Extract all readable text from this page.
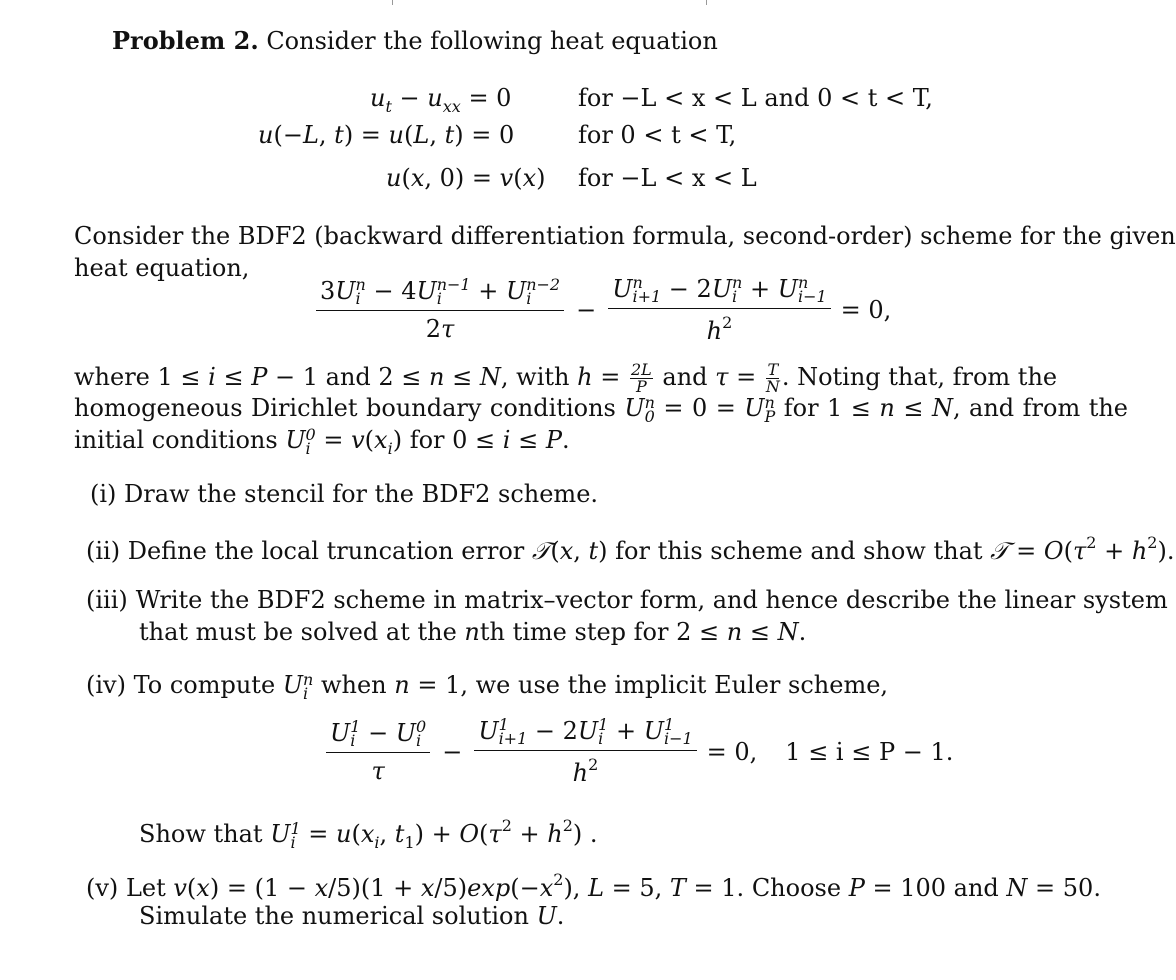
Problem 2. Consider the following heat equation
$u_t - u_{xx} = 0$	for −L < x < L and 0 < t < T,
u(−L, t) = u(L, t) = 0	for 0 < t < T,
u(x, 0) = v(x) for −L < x < L
Consider the BDF2 (backward differentiation formula, second-order) scheme for the given
heat equation,
3Un
i − 4Un−1
i + Un−2
i
2τ
−
Un
i+1 − 2Un
i + Un
i−1
$h^2$	= 0,
where 1 ≤ i ≤ P − 1 and 2 ≤ n ≤ N, with $h = \frac{2L}{P}$ and $\tau = \frac{T}{N}$ . Noting that, from the
homogeneous Dirichlet boundary conditions Un
0 = 0 = Un
P for 1 ≤ n ≤ N, and from the
initial conditions U0
$i = v(x_i)$ for 0 ≤ i ≤ P.
(i) Draw the stencil for the BDF2 scheme.
(ii) Define the local truncation error 𝒯(x, t) for this scheme and show that 𝒯 = $O(\tau^2 + h^2)$.
(iii) Write the BDF2 scheme in matrix–vector form, and hence describe the linear system
that must be solved at the nth time step for 2 ≤ n ≤ N.
(iv) To compute Un
i when n = 1, we use the implicit Euler scheme,
U1
i − U0
i
τ
−
U1
i+1 − 2U1
i + U1
i−1
$h^2$	= 0, 1 ≤ i ≤ P − 1.
Show that U1
$i = u(x_i$, $t_1) + O(\tau^2 + h^2)$ .
(v) Let $v(x) = (1 - x/5)(1 + x/5)\exp(-x^2)$, L = 5, T = 1. Choose P = 100 and N = 50.
Simulate the numerical solution U.
